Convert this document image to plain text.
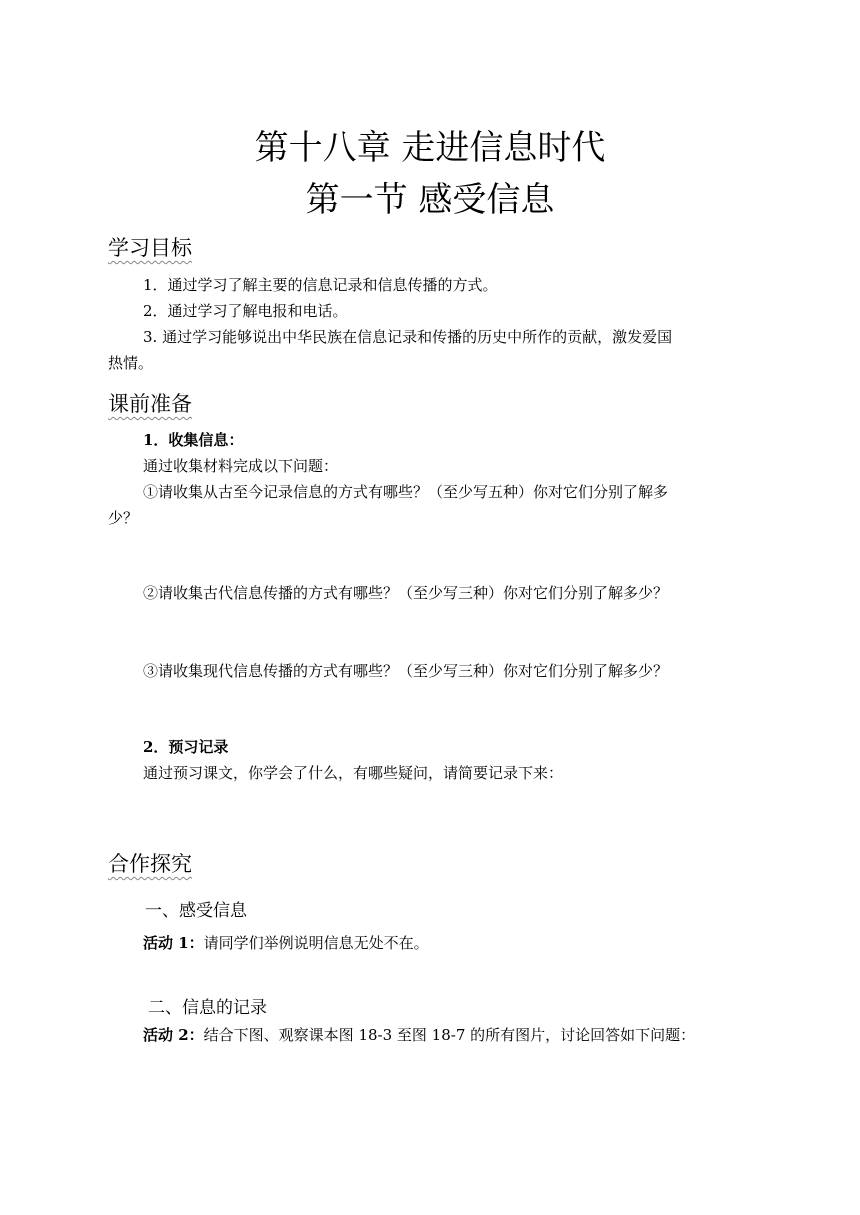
第十八章 走进信息时代
第一节 感受信息
学习目标
1．通过学习了解主要的信息记录和信息传播的方式。
2．通过学习了解电报和电话。
3. 通过学习能够说出中华民族在信息记录和传播的历史中所作的贡献，激发爱国
热情。
课前准备
1．收集信息：
通过收集材料完成以下问题：
①请收集从古至今记录信息的方式有哪些？（至少写五种）你对它们分别了解多
少？
②请收集古代信息传播的方式有哪些？（至少写三种）你对它们分别了解多少？
③请收集现代信息传播的方式有哪些？（至少写三种）你对它们分别了解多少？
2．预习记录
通过预习课文，你学会了什么，有哪些疑问，请简要记录下来：
合作探究
一、感受信息
活动 1：请同学们举例说明信息无处不在。
二、信息的记录
活动 2：结合下图、观察课本图 18-3 至图 18-7 的所有图片，讨论回答如下问题：
